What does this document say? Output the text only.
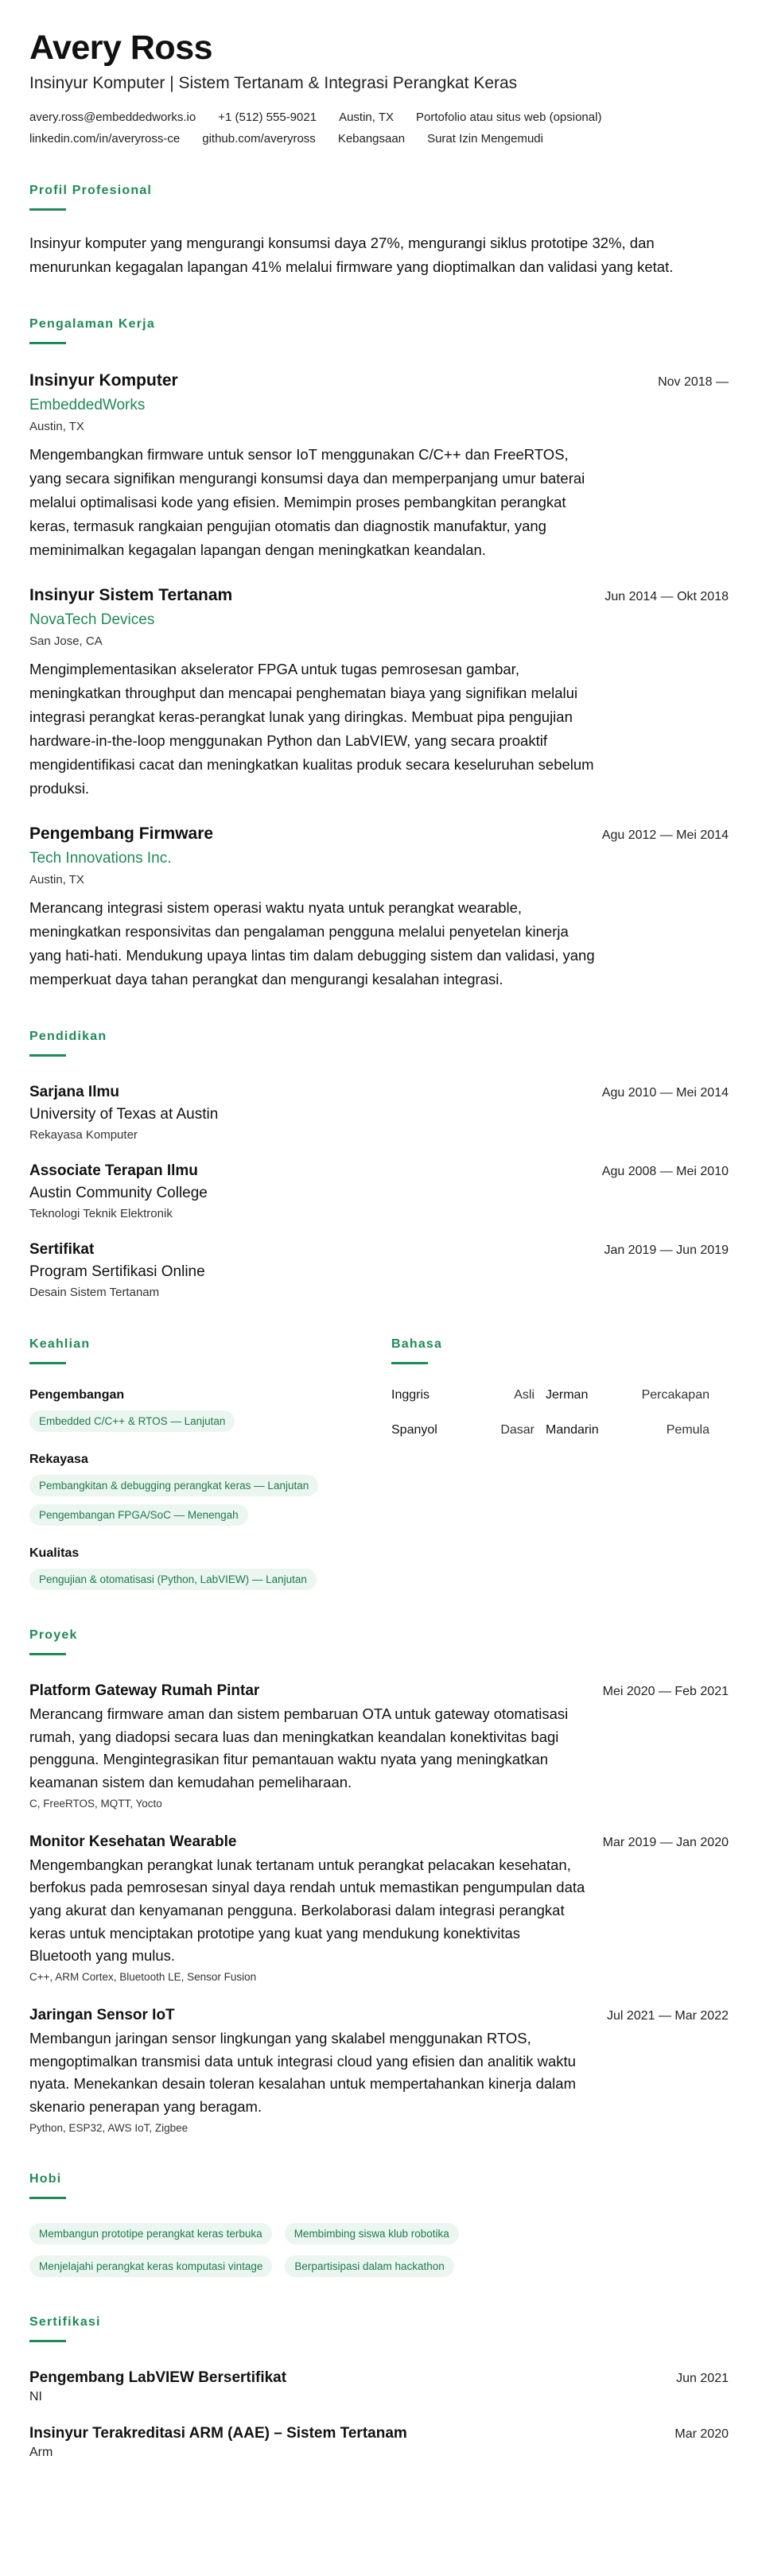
Avery Ross
Insinyur Komputer | Sistem Tertanam & Integrasi Perangkat Keras
avery.ross@embeddedworks.io +1 (512) 555-9021 Austin, TX Portofolio atau situs web (opsional)
linkedin.com/in/averyross-ce github.com/averyross Kebangsaan Surat Izin Mengemudi
Profil Profesional
Insinyur komputer yang mengurangi konsumsi daya 27%, mengurangi siklus prototipe 32%, dan menurunkan kegagalan lapangan 41% melalui firmware yang dioptimalkan dan validasi yang ketat.
Pengalaman Kerja
Insinyur Komputer	Nov 2018 —
EmbeddedWorks
Austin, TX
Mengembangkan firmware untuk sensor IoT menggunakan C/C++ dan FreeRTOS, yang secara signifikan mengurangi konsumsi daya dan memperpanjang umur baterai melalui optimalisasi kode yang efisien. Memimpin proses pembangkitan perangkat keras, termasuk rangkaian pengujian otomatis dan diagnostik manufaktur, yang meminimalkan kegagalan lapangan dengan meningkatkan keandalan.
Insinyur Sistem Tertanam	Jun 2014 — Okt 2018
NovaTech Devices
San Jose, CA
Mengimplementasikan akselerator FPGA untuk tugas pemrosesan gambar, meningkatkan throughput dan mencapai penghematan biaya yang signifikan melalui integrasi perangkat keras-perangkat lunak yang diringkas. Membuat pipa pengujian hardware-in-the-loop menggunakan Python dan LabVIEW, yang secara proaktif mengidentifikasi cacat dan meningkatkan kualitas produk secara keseluruhan sebelum produksi.
Pengembang Firmware	Agu 2012 — Mei 2014
Tech Innovations Inc.
Austin, TX
Merancang integrasi sistem operasi waktu nyata untuk perangkat wearable, meningkatkan responsivitas dan pengalaman pengguna melalui penyetelan kinerja yang hati-hati. Mendukung upaya lintas tim dalam debugging sistem dan validasi, yang memperkuat daya tahan perangkat dan mengurangi kesalahan integrasi.
Pendidikan
Sarjana Ilmu	Agu 2010 — Mei 2014
University of Texas at Austin
Rekayasa Komputer
Associate Terapan Ilmu	Agu 2008 — Mei 2010
Austin Community College
Teknologi Teknik Elektronik
Sertifikat	Jan 2019 — Jun 2019
Program Sertifikasi Online
Desain Sistem Tertanam
Keahlian
Pengembangan
Embedded C/C++ & RTOS — Lanjutan
Rekayasa
Pembangkitan & debugging perangkat keras — Lanjutan
Pengembangan FPGA/SoC — Menengah
Kualitas
Pengujian & otomatisasi (Python, LabVIEW) — Lanjutan
Bahasa
Inggris	Asli Jerman	Percakapan
Spanyol	Dasar Mandarin	Pemula
Proyek
Platform Gateway Rumah Pintar	Mei 2020 — Feb 2021
Merancang firmware aman dan sistem pembaruan OTA untuk gateway otomatisasi rumah, yang diadopsi secara luas dan meningkatkan keandalan konektivitas bagi pengguna. Mengintegrasikan fitur pemantauan waktu nyata yang meningkatkan keamanan sistem dan kemudahan pemeliharaan.
C, FreeRTOS, MQTT, Yocto
Monitor Kesehatan Wearable	Mar 2019 — Jan 2020
Mengembangkan perangkat lunak tertanam untuk perangkat pelacakan kesehatan, berfokus pada pemrosesan sinyal daya rendah untuk memastikan pengumpulan data yang akurat dan kenyamanan pengguna. Berkolaborasi dalam integrasi perangkat keras untuk menciptakan prototipe yang kuat yang mendukung konektivitas Bluetooth yang mulus.
C++, ARM Cortex, Bluetooth LE, Sensor Fusion
Jaringan Sensor IoT	Jul 2021 — Mar 2022
Membangun jaringan sensor lingkungan yang skalabel menggunakan RTOS, mengoptimalkan transmisi data untuk integrasi cloud yang efisien dan analitik waktu nyata. Menekankan desain toleran kesalahan untuk mempertahankan kinerja dalam skenario penerapan yang beragam.
Python, ESP32, AWS IoT, Zigbee
Hobi
Membangun prototipe perangkat keras terbuka	Membimbing siswa klub robotika
Menjelajahi perangkat keras komputasi vintage	Berpartisipasi dalam hackathon
Sertifikasi
Pengembang LabVIEW Bersertifikat	Jun 2021
NI
Insinyur Terakreditasi ARM (AAE) – Sistem Tertanam	Mar 2020
Arm
